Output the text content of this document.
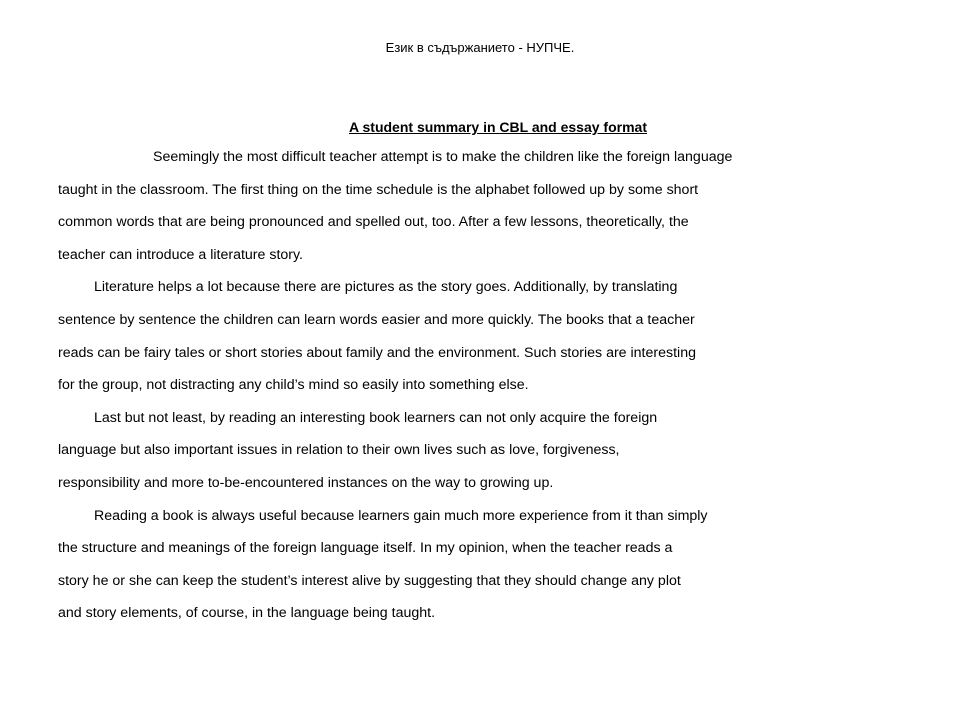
Език в съдържанието - НУПЧЕ.
A student summary in CBL and essay format
Seemingly the most difficult teacher attempt is to make the children like the foreign language
taught in the classroom. The first thing on the time schedule is the alphabet followed up by some short
common words that are being pronounced and spelled out, too. After a few lessons, theoretically, the
teacher can introduce a literature story.
Literature helps a lot because there are pictures as the story goes. Additionally, by translating
sentence by sentence the children can learn words easier and more quickly. The books that a teacher
reads can be fairy tales or short stories about family and the environment. Such stories are interesting
for the group, not distracting any child’s mind so easily into something else.
Last but not least, by reading an interesting book learners can not only acquire the foreign
language but also important issues in relation to their own lives such as love, forgiveness,
responsibility and more to-be-encountered instances on the way to growing up.
Reading a book is always useful because learners gain much more experience from it than simply
the structure and meanings of the foreign language itself. In my opinion, when the teacher reads a
story he or she can keep the student’s interest alive by suggesting that they should change any plot
and story elements, of course, in the language being taught.
